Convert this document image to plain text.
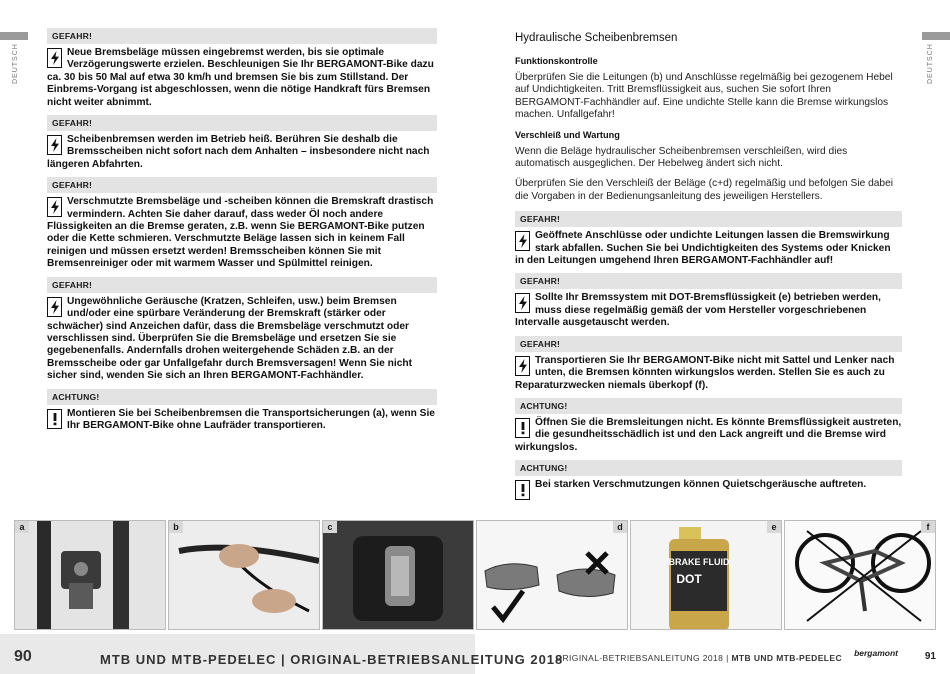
DEUTSCH
GEFAHR!
Neue Bremsbeläge müssen eingebremst werden, bis sie optimale Verzögerungswerte erzielen. Beschleunigen Sie Ihr BERGAMONT-Bike dazu ca. 30 bis 50 Mal auf etwa 30 km/h und bremsen Sie bis zum Stillstand. Der Einbrems-Vorgang ist abgeschlossen, wenn die nötige Handkraft fürs Bremsen nicht weiter abnimmt.
GEFAHR!
Scheibenbremsen werden im Betrieb heiß. Berühren Sie deshalb die Bremsscheiben nicht sofort nach dem Anhalten – insbesondere nicht nach längeren Abfahrten.
GEFAHR!
Verschmutzte Bremsbeläge und -scheiben können die Bremskraft drastisch vermindern. Achten Sie daher darauf, dass weder Öl noch andere Flüssigkeiten an die Bremse geraten, z.B. wenn Sie BERGAMONT-Bike putzen oder die Kette schmieren. Verschmutzte Beläge lassen sich in keinem Fall reinigen und müssen ersetzt werden! Bremsscheiben können Sie mit Bremsenreiniger oder mit warmem Wasser und Spülmittel reinigen.
GEFAHR!
Ungewöhnliche Geräusche (Kratzen, Schleifen, usw.) beim Bremsen und/oder eine spürbare Veränderung der Bremskraft (stärker oder schwächer) sind Anzeichen dafür, dass die Bremsbeläge verschmutzt oder verschlissen sind. Überprüfen Sie die Bremsbeläge und ersetzen Sie sie gegebenenfalls. Andernfalls drohen weitergehende Schäden z.B. an der Bremsscheibe oder gar Unfallgefahr durch Bremsversagen! Wenn Sie nicht sicher sind, wenden Sie sich an Ihren BERGAMONT-Fachhändler.
ACHTUNG!
Montieren Sie bei Scheibenbremsen die Transportsicherungen (a), wenn Sie Ihr BERGAMONT-Bike ohne Laufräder transportieren.
DEUTSCH
Hydraulische Scheibenbremsen
Funktionskontrolle

Überprüfen Sie die Leitungen (b) und Anschlüsse regelmäßig bei gezogenem Hebel auf Undichtigkeiten. Tritt Bremsflüssigkeit aus, suchen Sie sofort Ihren BERGAMONT-Fachhändler auf. Eine undichte Stelle kann die Bremse wirkungslos machen. Unfallgefahr!

Verschleiß und Wartung

Wenn die Beläge hydraulischer Scheibenbremsen verschleißen, wird dies automatisch ausgeglichen. Der Hebelweg ändert sich nicht.

Überprüfen Sie den Verschleiß der Beläge (c+d) regelmäßig und befolgen Sie dabei die Vorgaben in der Bedienungsanleitung des jeweiligen Herstellers.

GEFAHR!
Geöffnete Anschlüsse oder undichte Leitungen lassen die Bremswirkung stark abfallen. Suchen Sie bei Undichtigkeiten des Systems oder Knicken in den Leitungen umgehend Ihren BERGAMONT-Fachhändler auf!
GEFAHR!
Sollte Ihr Bremssystem mit DOT-Bremsflüssigkeit (e) betrieben werden, muss diese regelmäßig gemäß der vom Hersteller vorgeschriebenen Intervalle ausgetauscht werden.
GEFAHR!
Transportieren Sie Ihr BERGAMONT-Bike nicht mit Sattel und Lenker nach unten, die Bremsen könnten wirkungslos werden. Stellen Sie es auch zu Reparaturzwecken niemals überkopf (f).
ACHTUNG!
Öffnen Sie die Bremsleitungen nicht. Es könnte Bremsflüssigkeit austreten, die gesundheitsschädlich ist und den Lack angreift und die Bremse wird wirkungslos.
ACHTUNG!
Bei starken Verschmutzungen können Quietschgeräusche auftreten.
a	b	c	d
BRAKE FLUID
DOT
e	f
90	MTB UND MTB-PEDELEC | ORIGINAL-BETRIEBSANLEITUNG 2018
ORIGINAL-BETRIEBSANLEITUNG 2018 | MTB UND MTB-PEDELEC bergamont	91
